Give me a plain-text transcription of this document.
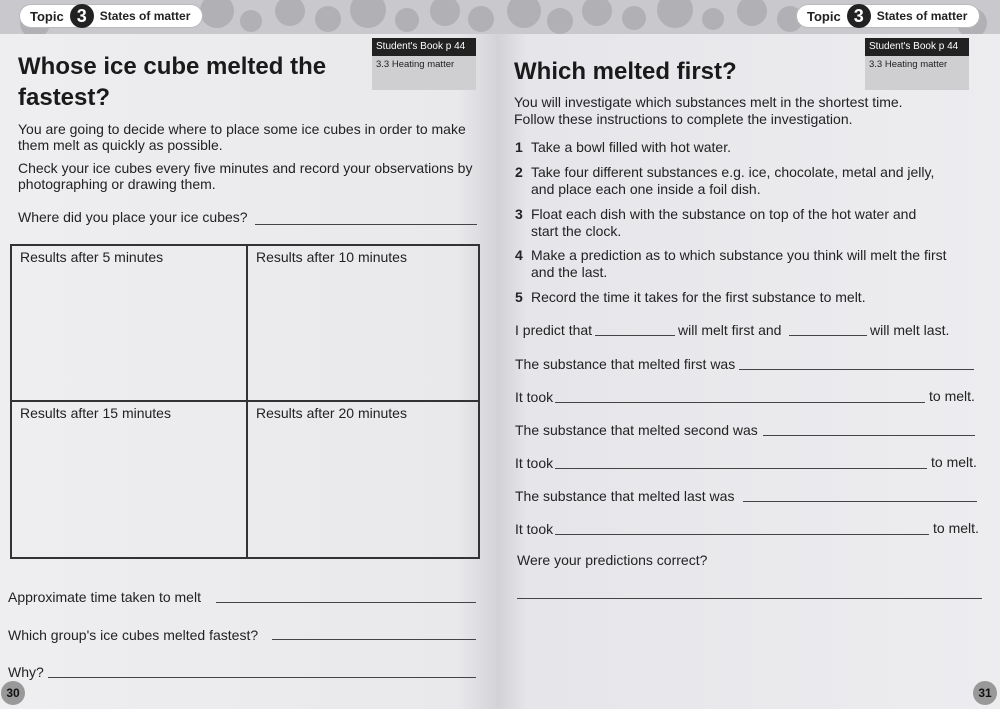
Topic 3	States of matter
Student's Book p 44
3.3 Heating matter
Whose ice cube melted the
fastest?
You are going to decide where to place some ice cubes in order to make
them melt as quickly as possible.
Check your ice cubes every five minutes and record your observations by
photographing or drawing them.
Where did you place your ice cubes?
Results after 5 minutes	Results after 10 minutes
Results after 15 minutes	Results after 20 minutes
Approximate time taken to melt
Which group's ice cubes melted fastest?
Why?
30
Topic 3	States of matter
Student's Book p 44
3.3 Heating matter
Which melted first?
You will investigate which substances melt in the shortest time.
Follow these instructions to complete the investigation.
1 Take a bowl filled with hot water.
2 Take four different substances e.g. ice, chocolate, metal and jelly,
and place each one inside a foil dish.
3 Float each dish with the substance on top of the hot water and
start the clock.
4 Make a prediction as to which substance you think will melt the first
and the last.
5 Record the time it takes for the first substance to melt.
I predict that	will melt first and	will melt last.
The substance that melted first was
It took	to melt.
The substance that melted second was
It took	to melt.
The substance that melted last was
It took	to melt.
Were your predictions correct?
31
